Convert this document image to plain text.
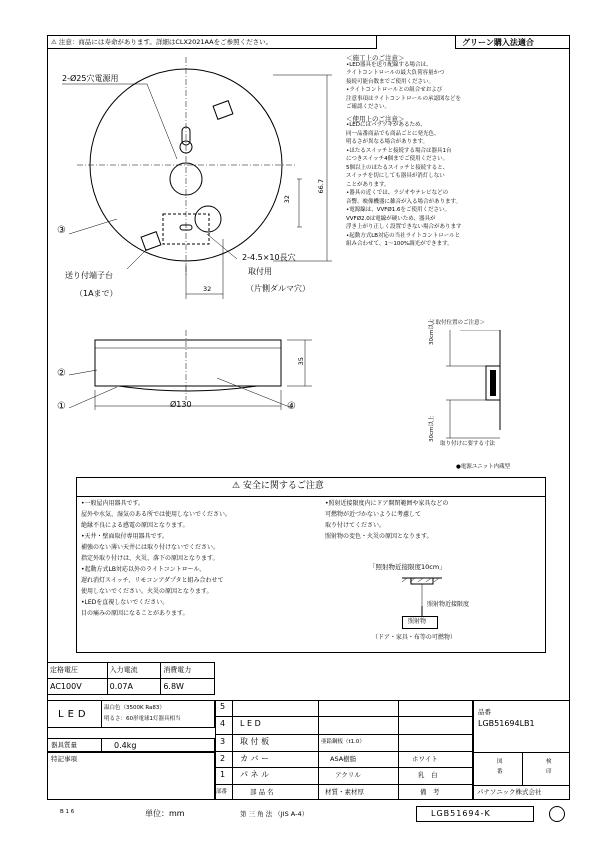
⚠ 注意：商品には寿命があります。詳細はCLX2021AAをご参照ください。	グリーン購入法適合
2-Ø25穴電源用
③
送り付端子台
（1Aまで）
32
66.7
32
2-4.5×10長穴
取付用
（片側ダルマ穴）
②
①	④
35
Ø130
＜施工上のご注意＞
•LED器具を送り配線する場合は、
ライトコントロールの最大負荷容量かつ
接続可能台数までご使用ください。
•ライトコントロールとの組合せおよび
注意事項はライトコントロールの承認図などを
ご確認ください。
＜使用上のご注意＞
•LEDにはバラツキがあるため、
同一品番商品でも商品ごとに発光色、
明るさが異なる場合があります。
•ほたるスイッチと接続する場合は器具1台
につきスイッチ4個までご使用ください。
5個以上のほたるスイッチと接続すると、
スイッチを切にしても器具が消灯しない
ことがあります。
•器具の近くでは、ラジオやテレビなどの
音響、映像機器に雑音が入る場合があります。
•電源線は、VVFØ1.6をご使用ください。
VVFØ2.0は電線が硬いため、器具が
浮き上がり正しく設置できない場合があります
•起動方式LB対応の当社ライトコントロールと
組み合わせて、1～100%調光ができます。
＜取付位置のご注意＞
30cm以上
30cm以上
取り付けに要する寸法
●電源ユニット内蔵型
⚠ 安全に関するご注意
•一般屋内用器具です。
屋外や水気、湿気のある所では使用しないでください。
絶縁不良による感電の原因となります。
•天井・壁面取付専用器具です。
補強のない薄い天井には取り付けないでください。
指定外取り付けは、火災、落下の原因となります。
•起動方式LB対応以外のライトコントロール、
遅れ消灯スイッチ、リモコンアダプタと組み合わせて
使用しないでください。火災の原因となります。
•LEDを直視しないでください。
目の痛みの原因になることがあります。
•照射近接限度内にドア開閉範囲や家具などの
可燃物が近づかないように考慮して
取り付けてください。
照射物の変色・火災の原因となります。
「照射物近接限度10cm」
照射物近接限度
照射物
（ドア・家具・布等の可燃物）
定格電圧	入力電流	消費電力
AC100V	0.07A	6.8W
LED
温白色（3500K Ra83）
明るさ：60形電球1灯器具相当
器具質量	0.4kg
特記事項
5
4 L E D
3 取 付 板	亜鉛鋼板（t1.0）
2 カ バ ー	ASA樹脂	ホワイト
1 パ ネ ル	アクリル	乳　白
部番	部 品 名	材質・素材厚	備　考
品番
LGB51694LB1
図
番
検
印
パナソニック株式会社
B 1 6	単位：mm	第 三 角 法 （JIS A-4）	LGB51694-K
